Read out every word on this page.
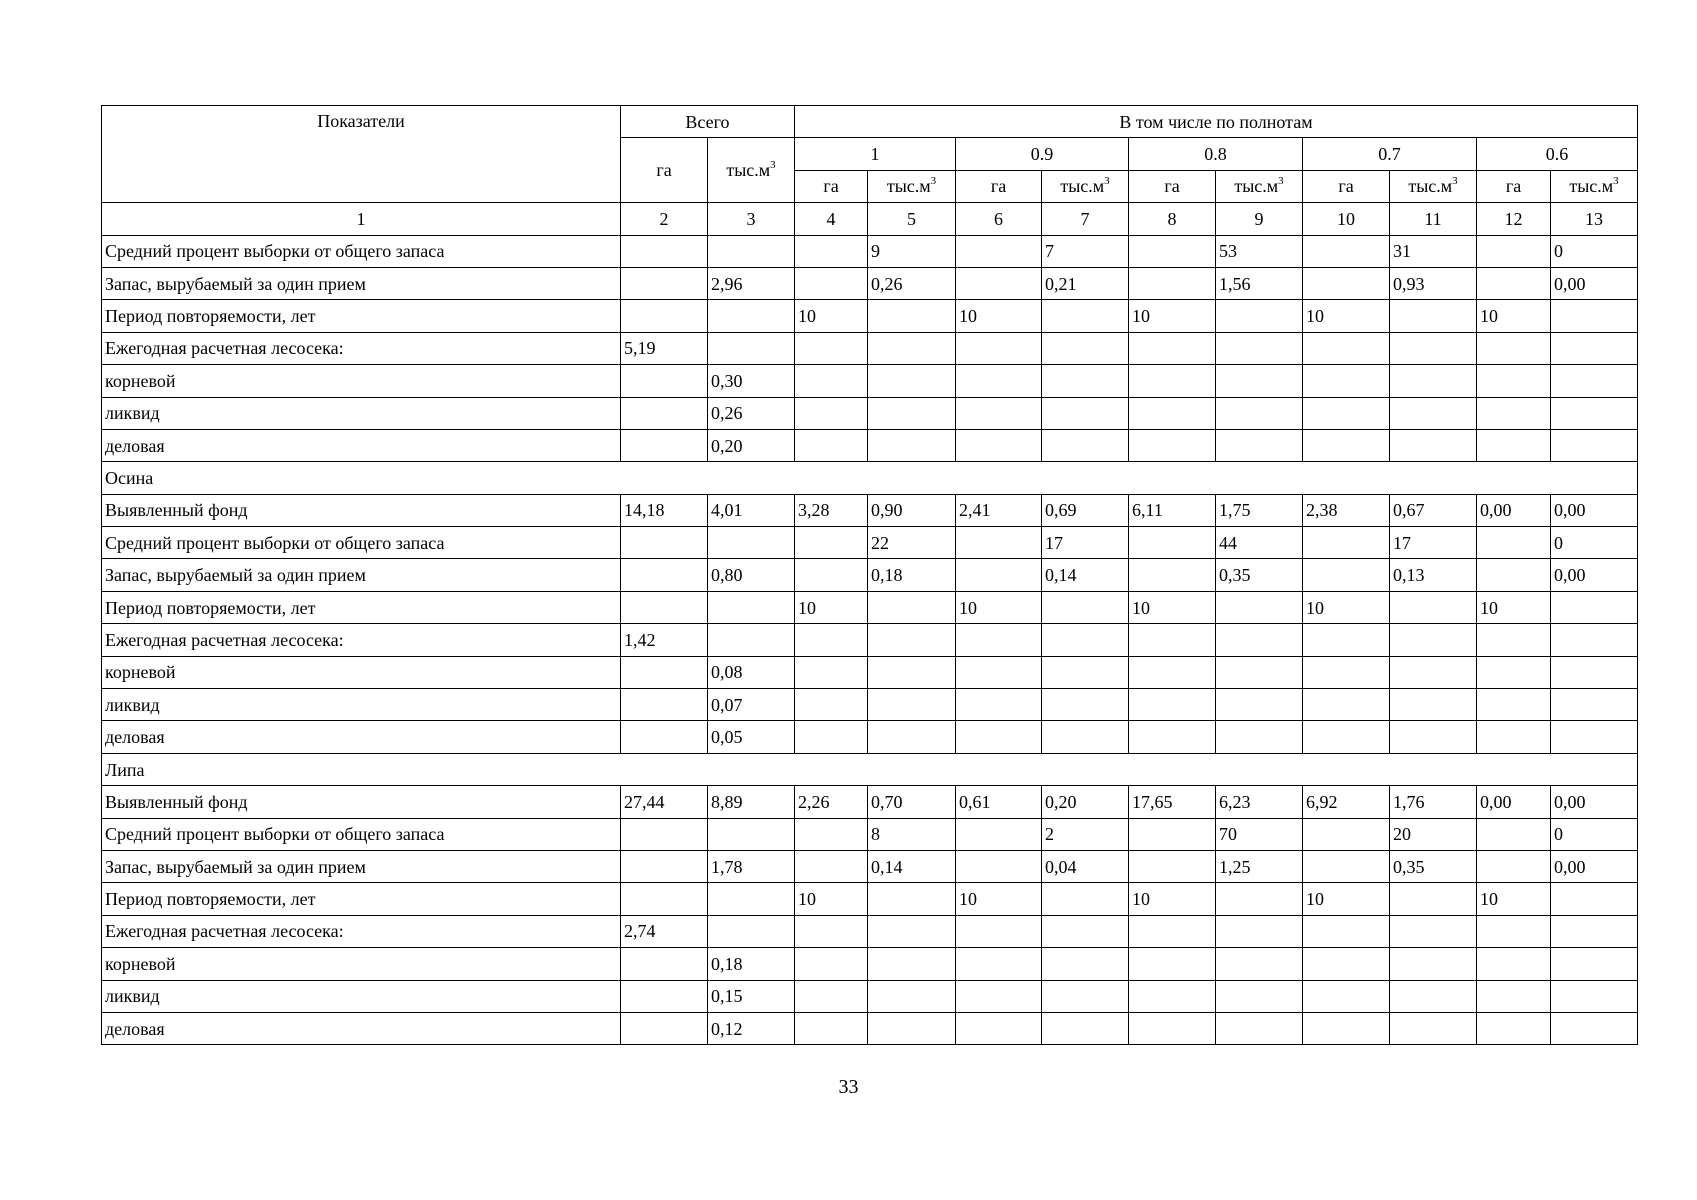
Показатели	Всего		В том числе по полнотам									
	га	$тыс.м^3$	1		0.9		0.8		0.7		0.6	
			га	$тыс.м^3$	га	$тыс.м^3$	га	$тыс.м^3$	га	$тыс.м^3$	га	$тыс.м^3$
1	2	3	4	5	6	7	8	9	10	11	12	13
Средний процент выборки от общего запаса				9		7		53		31		0
Запас, вырубаемый за один прием		2,96		0,26		0,21		1,56		0,93		0,00
Период повторяемости, лет			10		10		10		10		10	
Ежегодная расчетная лесосека:	5,19											
корневой		0,30										
ликвид		0,26										
деловая		0,20										
Осина												
Выявленный фонд	14,18	4,01	3,28	0,90	2,41	0,69	6,11	1,75	2,38	0,67	0,00	0,00
Средний процент выборки от общего запаса				22		17		44		17		0
Запас, вырубаемый за один прием		0,80		0,18		0,14		0,35		0,13		0,00
Период повторяемости, лет			10		10		10		10		10	
Ежегодная расчетная лесосека:	1,42											
корневой		0,08										
ликвид		0,07										
деловая		0,05										
Липа												
Выявленный фонд	27,44	8,89	2,26	0,70	0,61	0,20	17,65	6,23	6,92	1,76	0,00	0,00
Средний процент выборки от общего запаса				8		2		70		20		0
Запас, вырубаемый за один прием		1,78		0,14		0,04		1,25		0,35		0,00
Период повторяемости, лет			10		10		10		10		10	
Ежегодная расчетная лесосека:	2,74											
корневой		0,18										
ликвид		0,15										
деловая		0,12										
33
